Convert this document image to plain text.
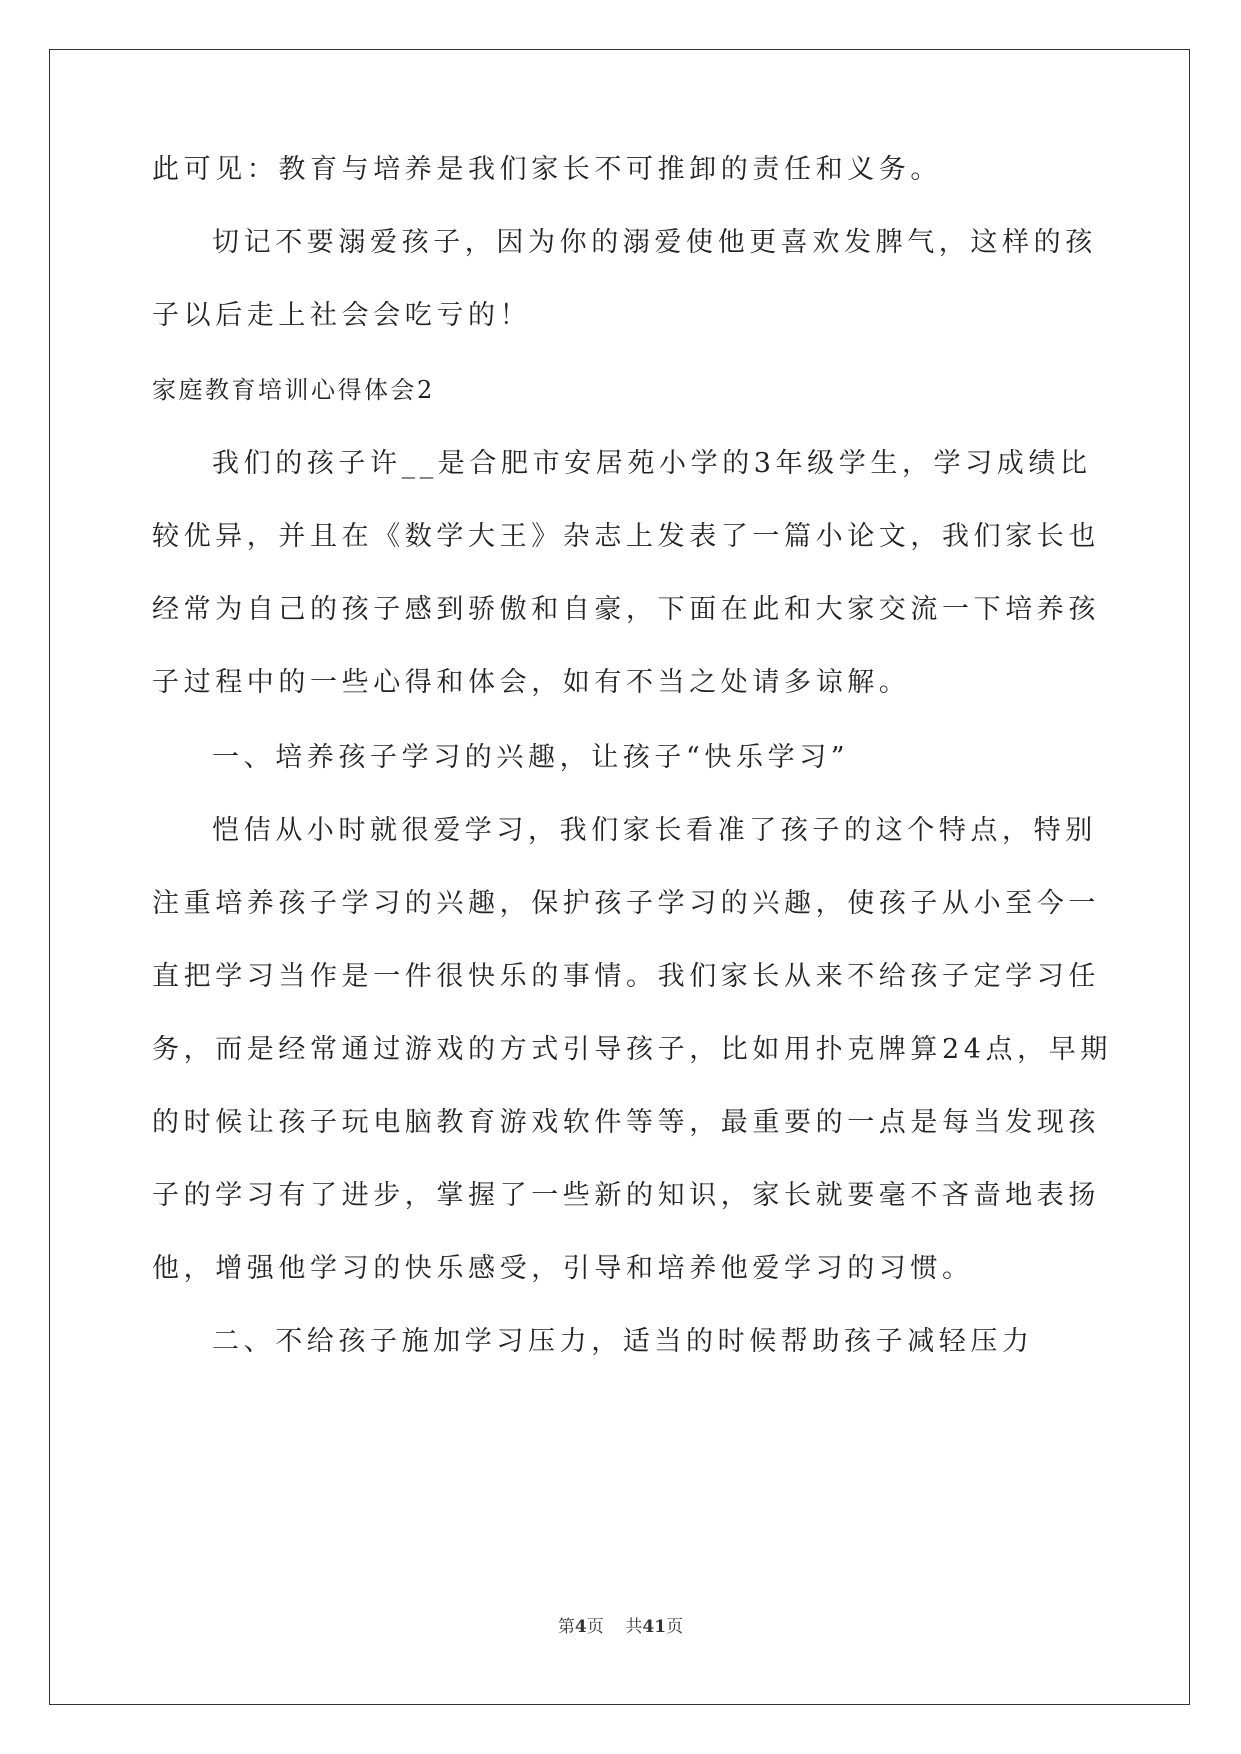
此可见：教育与培养是我们家长不可推卸的责任和义务。
切记不要溺爱孩子，因为你的溺爱使他更喜欢发脾气，这样的孩
子以后走上社会会吃亏的！
家庭教育培训心得体会2
我们的孩子许__是合肥市安居苑小学的3年级学生，学习成绩比
较优异，并且在《数学大王》杂志上发表了一篇小论文，我们家长也
经常为自己的孩子感到骄傲和自豪，下面在此和大家交流一下培养孩
子过程中的一些心得和体会，如有不当之处请多谅解。
一、培养孩子学习的兴趣，让孩子“快乐学习”
恺佶从小时就很爱学习，我们家长看准了孩子的这个特点，特别
注重培养孩子学习的兴趣，保护孩子学习的兴趣，使孩子从小至今一
直把学习当作是一件很快乐的事情。我们家长从来不给孩子定学习任
务，而是经常通过游戏的方式引导孩子，比如用扑克牌算24点，早期
的时候让孩子玩电脑教育游戏软件等等，最重要的一点是每当发现孩
子的学习有了进步，掌握了一些新的知识，家长就要毫不吝啬地表扬
他，增强他学习的快乐感受，引导和培养他爱学习的习惯。
二、不给孩子施加学习压力，适当的时候帮助孩子减轻压力
第4页 共41页
